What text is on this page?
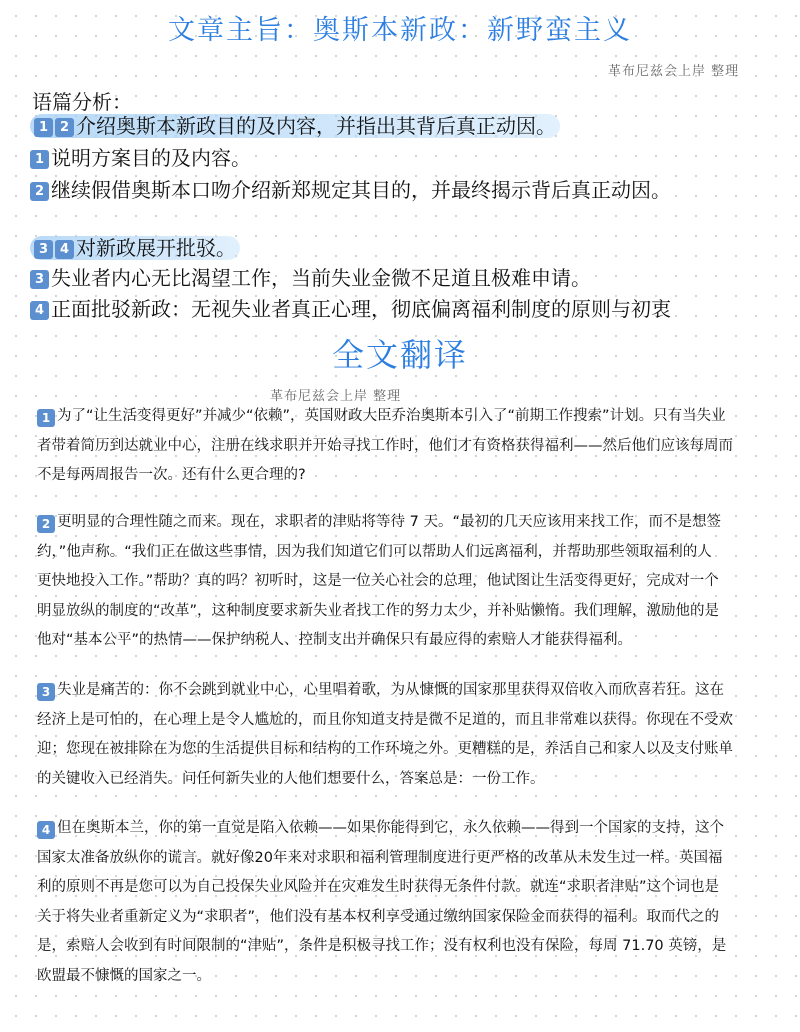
文章主旨：奥斯本新政：新野蛮主义
革布尼兹会上岸 整理
语篇分析：
1 2 介绍奥斯本新政目的及内容，并指出其背后真正动因。
1 说明方案目的及内容。
2 继续假借奥斯本口吻介绍新郑规定其目的，并最终揭示背后真正动因。
3 4 对新政展开批驳。
3 失业者内心无比渴望工作，当前失业金微不足道且极难申请。
4 正面批驳新政：无视失业者真正心理，彻底偏离福利制度的原则与初衷
全文翻译
革布尼兹会上岸 整理
1 为了“让生活变得更好”并减少“依赖”，英国财政大臣乔治奥斯本引入了“前期工作搜索”计划。只有当失业
者带着简历到达就业中心，注册在线求职并开始寻找工作时，他们才有资格获得福利——然后他们应该每周而
不是每两周报告一次。还有什么更合理的?
2 更明显的合理性随之而来。现在，求职者的津贴将等待 7 天。“最初的几天应该用来找工作，而不是想签
约，”他声称。“我们正在做这些事情，因为我们知道它们可以帮助人们远离福利，并帮助那些领取福利的人
更快地投入工作。”帮助？真的吗？初听时，这是一位关心社会的总理，他试图让生活变得更好，完成对一个
明显放纵的制度的“改革”，这种制度要求新失业者找工作的努力太少，并补贴懒惰。我们理解，激励他的是
他对“基本公平”的热情——保护纳税人、控制支出并确保只有最应得的索赔人才能获得福利。
3 失业是痛苦的：你不会跳到就业中心，心里唱着歌，为从慷慨的国家那里获得双倍收入而欣喜若狂。这在
经济上是可怕的，在心理上是令人尴尬的，而且你知道支持是微不足道的，而且非常难以获得。你现在不受欢
迎；您现在被排除在为您的生活提供目标和结构的工作环境之外。更糟糕的是，养活自己和家人以及支付账单
的关键收入已经消失。问任何新失业的人他们想要什么，答案总是：一份工作。
4 但在奥斯本兰，你的第一直觉是陷入依赖——如果你能得到它，永久依赖——得到一个国家的支持，这个
国家太准备放纵你的谎言。就好像20年来对求职和福利管理制度进行更严格的改革从未发生过一样。英国福
利的原则不再是您可以为自己投保失业风险并在灾难发生时获得无条件付款。就连“求职者津贴”这个词也是
关于将失业者重新定义为“求职者”，他们没有基本权利享受通过缴纳国家保险金而获得的福利。取而代之的
是，索赔人会收到有时间限制的“津贴”，条件是积极寻找工作；没有权利也没有保险，每周 71.70 英镑，是
欧盟最不慷慨的国家之一。
